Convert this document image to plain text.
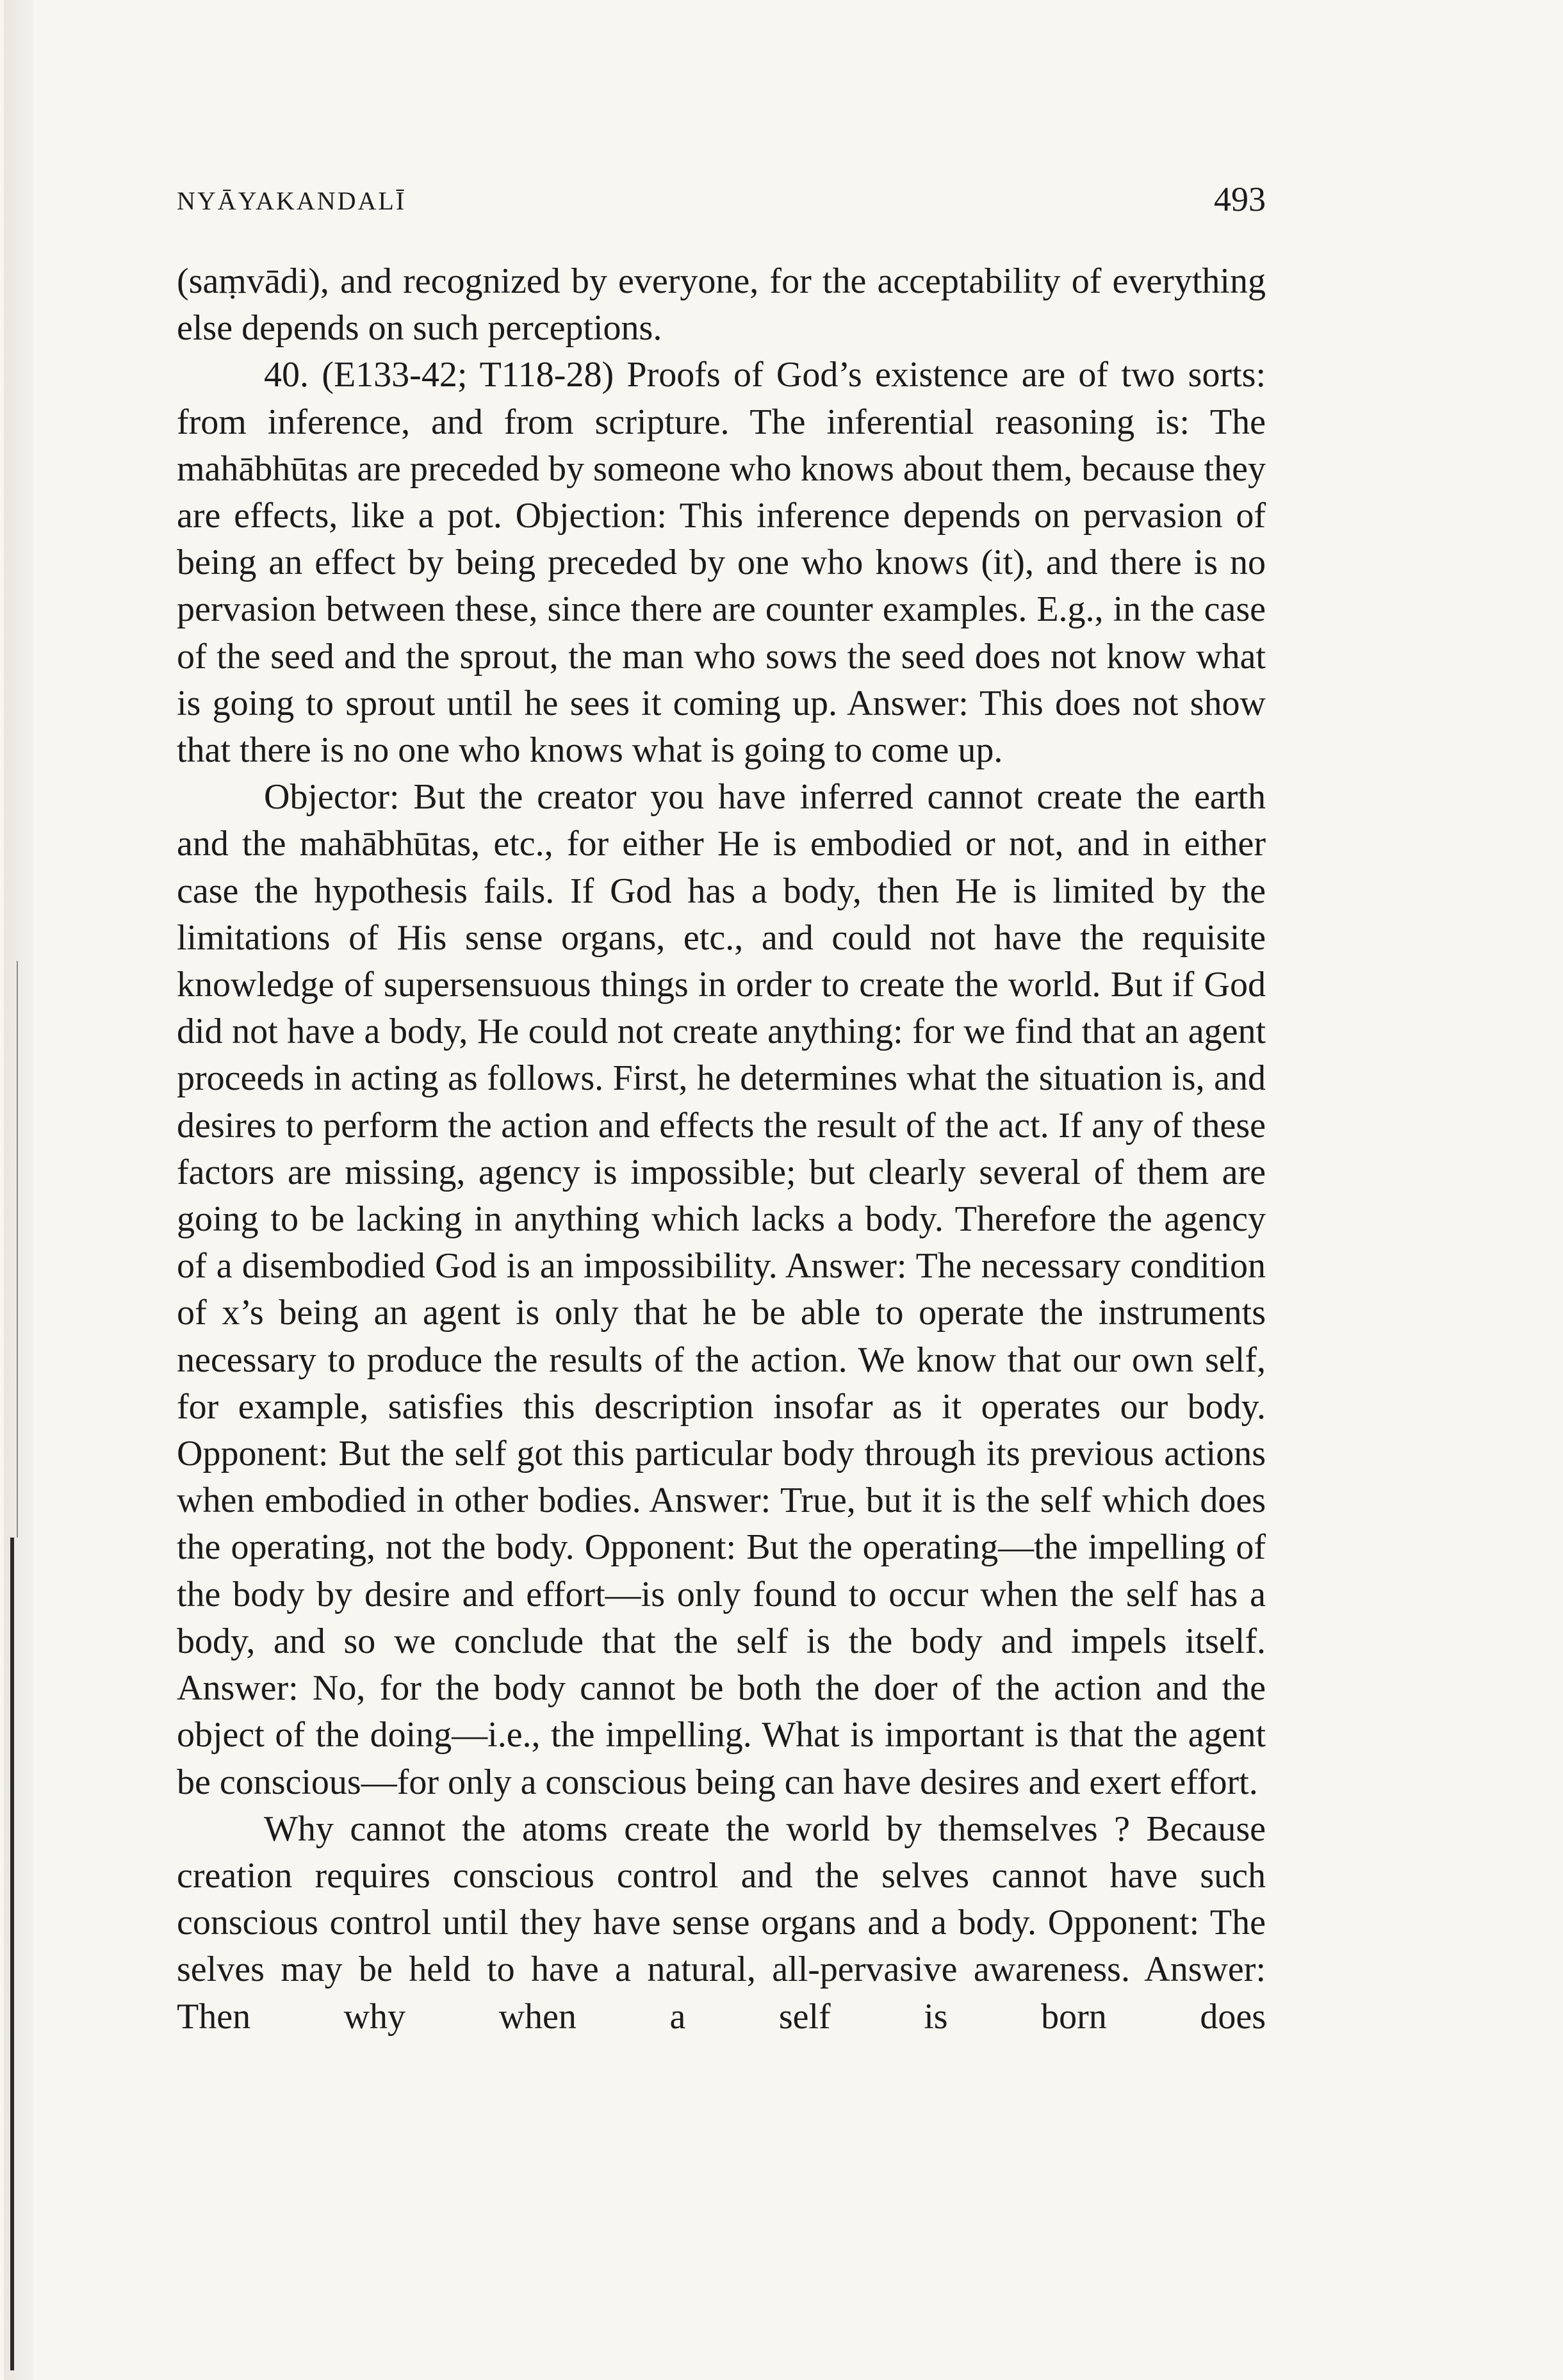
NYĀYAKANDALĪ	493

(saṃvādi), and recognized by everyone, for the acceptability of everything else depends on such perceptions.

40. (E133-42; T118-28) Proofs of God’s existence are of two sorts: from inference, and from scripture. The inferential reasoning is: The mahābhūtas are preceded by someone who knows about them, because they are effects, like a pot. Objection: This inference depends on pervasion of being an effect by being preceded by one who knows (it), and there is no pervasion between these, since there are counter examples. E.g., in the case of the seed and the sprout, the man who sows the seed does not know what is going to sprout until he sees it coming up. Answer: This does not show that there is no one who knows what is going to come up.

Objector: But the creator you have inferred cannot create the earth and the mahābhūtas, etc., for either He is embodied or not, and in either case the hypothesis fails. If God has a body, then He is limited by the limitations of His sense organs, etc., and could not have the requisite knowledge of supersensuous things in order to create the world. But if God did not have a body, He could not create anything: for we find that an agent proceeds in acting as follows. First, he determines what the situation is, and desires to perform the action and effects the result of the act. If any of these factors are missing, agency is impossible; but clearly several of them are going to be lacking in anything which lacks a body. Therefore the agency of a disembodied God is an impossibility. Answer: The necessary condition of x’s being an agent is only that he be able to operate the instruments necessary to produce the results of the action. We know that our own self, for example, satisfies this description insofar as it operates our body. Opponent: But the self got this particular body through its previous actions when embodied in other bodies. Answer: True, but it is the self which does the operating, not the body. Opponent: But the operating—the impelling of the body by desire and effort—is only found to occur when the self has a body, and so we conclude that the self is the body and impels itself. Answer: No, for the body cannot be both the doer of the action and the object of the doing—i.e., the impelling. What is important is that the agent be conscious—for only a conscious being can have desires and exert effort.

Why cannot the atoms create the world by themselves ? Because creation requires conscious control and the selves cannot have such conscious control until they have sense organs and a body. Opponent: The selves may be held to have a natural, all-pervasive awareness. Answer: Then why when a self is born does
